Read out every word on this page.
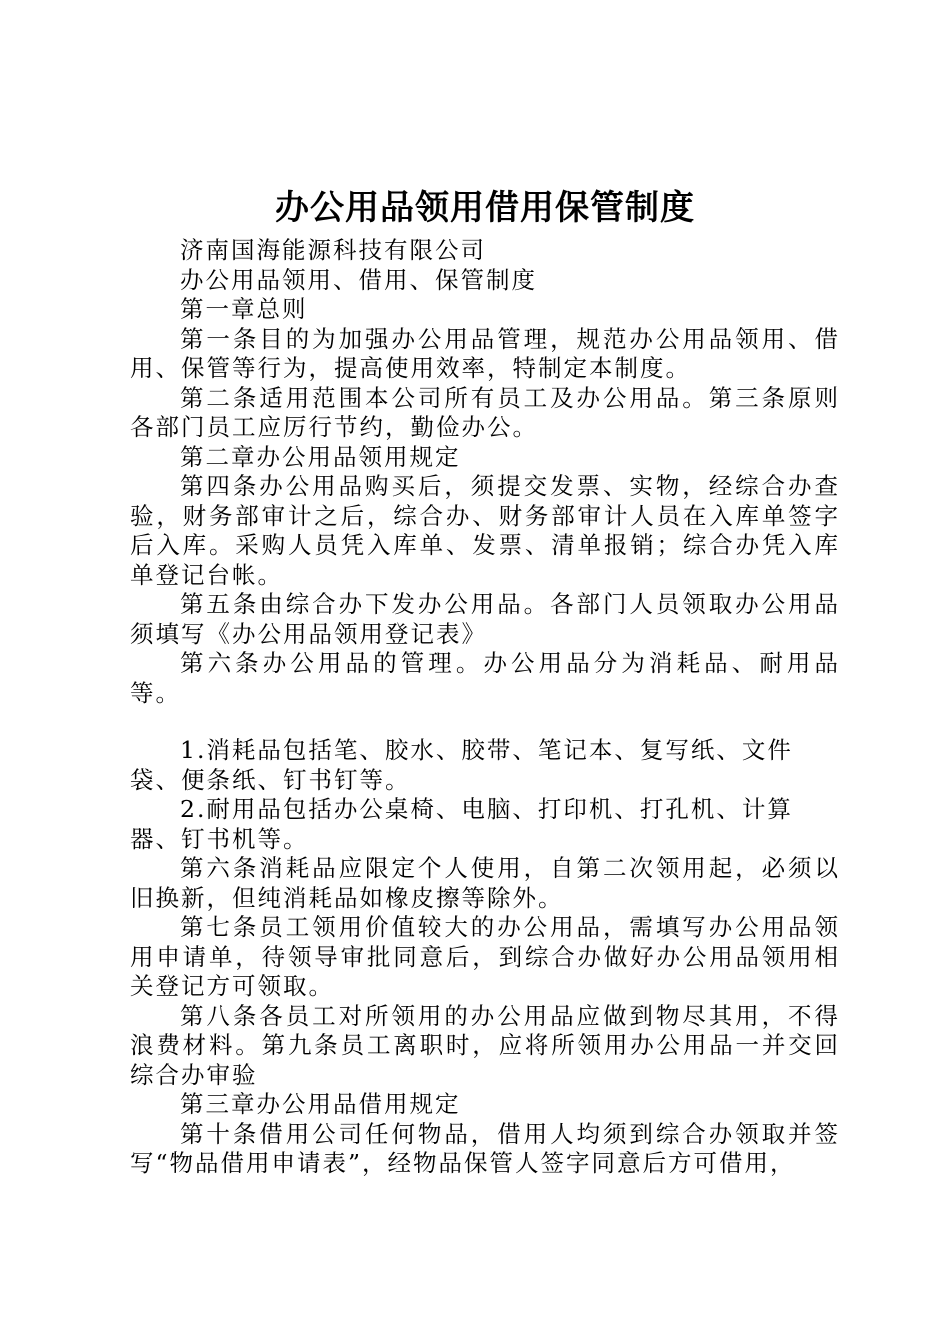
办公用品领用借用保管制度

济南国海能源科技有限公司

办公用品领用、借用、保管制度

第一章总则

第一条目的为加强办公用品管理，规范办公用品领用、借用、保管等行为，提高使用效率，特制定本制度。

第二条适用范围本公司所有员工及办公用品。第三条原则各部门员工应厉行节约，勤俭办公。

第二章办公用品领用规定

第四条办公用品购买后，须提交发票、实物，经综合办查验，财务部审计之后，综合办、财务部审计人员在入库单签字后入库。采购人员凭入库单、发票、清单报销；综合办凭入库单登记台帐。

第五条由综合办下发办公用品。各部门人员领取办公用品须填写《办公用品领用登记表》

第六条办公用品的管理。办公用品分为消耗品、耐用品等。

1.消耗品包括笔、胶水、胶带、笔记本、复写纸、文件袋、便条纸、钉书钉等。

2.耐用品包括办公桌椅、电脑、打印机、打孔机、计算器、钉书机等。

第六条消耗品应限定个人使用，自第二次领用起，必须以旧换新，但纯消耗品如橡皮擦等除外。

第七条员工领用价值较大的办公用品，需填写办公用品领用申请单，待领导审批同意后，到综合办做好办公用品领用相关登记方可领取。

第八条各员工对所领用的办公用品应做到物尽其用，不得浪费材料。第九条员工离职时，应将所领用办公用品一并交回综合办审验

第三章办公用品借用规定

第十条借用公司任何物品，借用人均须到综合办领取并签写“物品借用申请表”，经物品保管人签字同意后方可借用，
